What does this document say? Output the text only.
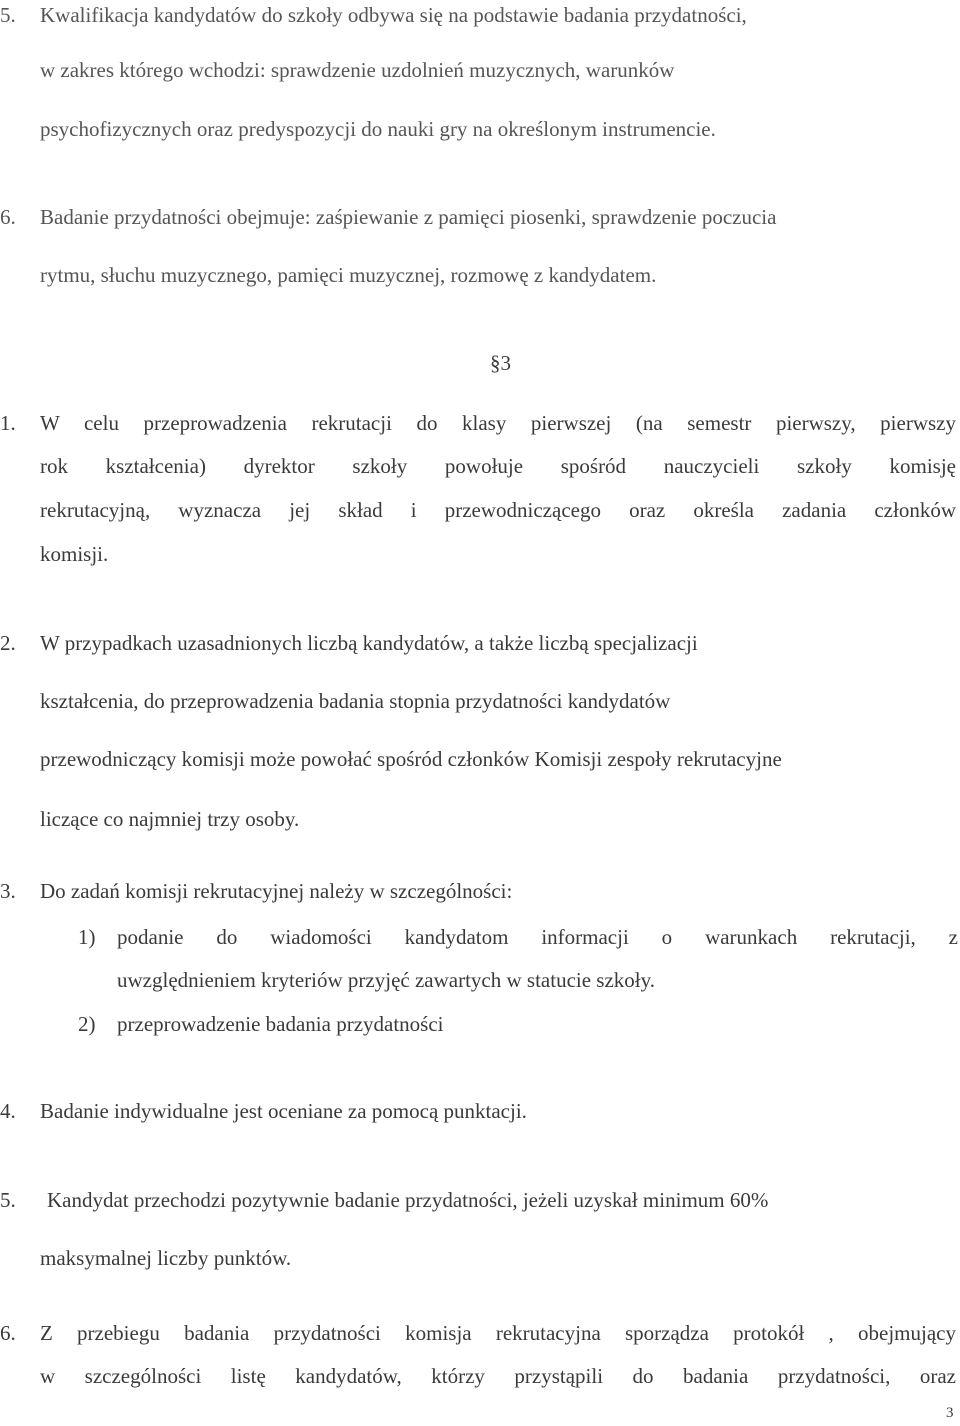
5. Kwalifikacja kandydatów do szkoły odbywa się na podstawie badania przydatności,
w zakres którego wchodzi: sprawdzenie uzdolnień muzycznych, warunków
psychofizycznych oraz predyspozycji do nauki gry na określonym instrumencie.
6. Badanie przydatności obejmuje: zaśpiewanie z pamięci piosenki, sprawdzenie poczucia
rytmu, słuchu muzycznego, pamięci muzycznej, rozmowę z kandydatem.
§3
1. W celu przeprowadzenia rekrutacji do klasy pierwszej (na semestr pierwszy, pierwszy
rok kształcenia) dyrektor szkoły powołuje spośród nauczycieli szkoły komisję
rekrutacyjną, wyznacza jej skład i przewodniczącego oraz określa zadania członków
komisji.
2. W przypadkach uzasadnionych liczbą kandydatów, a także liczbą specjalizacji
kształcenia, do przeprowadzenia badania stopnia przydatności kandydatów
przewodniczący komisji może powołać spośród członków Komisji zespoły rekrutacyjne
liczące co najmniej trzy osoby.
3. Do zadań komisji rekrutacyjnej należy w szczególności:
1) podanie do wiadomości kandydatom informacji o warunkach rekrutacji, z
uwzględnieniem kryteriów przyjęć zawartych w statucie szkoły.
2) przeprowadzenie badania przydatności
4. Badanie indywidualne jest oceniane za pomocą punktacji.
5. Kandydat przechodzi pozytywnie badanie przydatności, jeżeli uzyskał minimum 60%
maksymalnej liczby punktów.
6. Z przebiegu badania przydatności komisja rekrutacyjna sporządza protokół , obejmujący
w szczególności listę kandydatów, którzy przystąpili do badania przydatności, oraz
3
